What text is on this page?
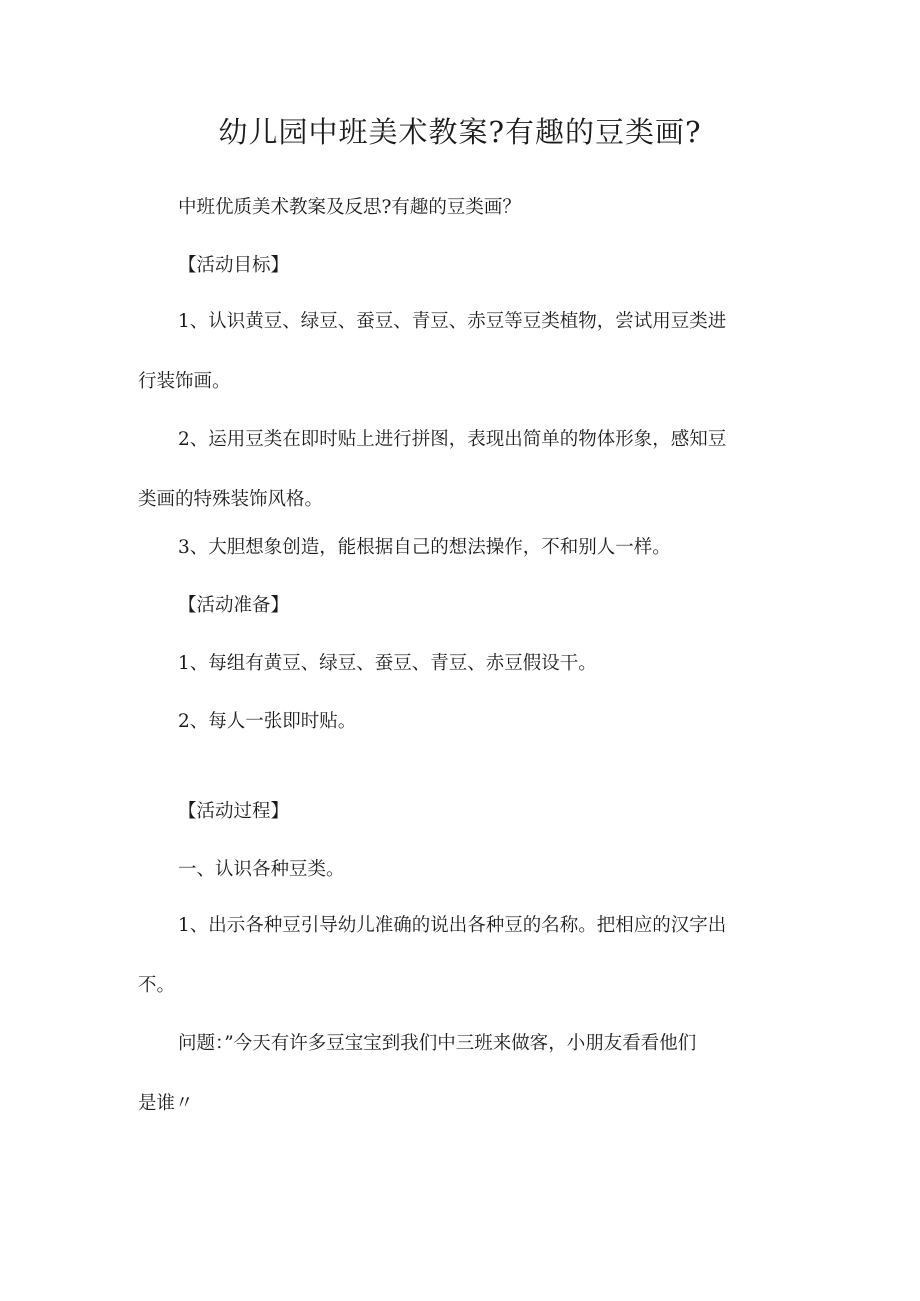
幼儿园中班美术教案?有趣的豆类画?

中班优质美术教案及反思?有趣的豆类画？

【活动目标】

1、认识黄豆、绿豆、蚕豆、青豆、赤豆等豆类植物，尝试用豆类进
行装饰画。
2、运用豆类在即时贴上进行拼图，表现出简单的物体形象，感知豆
类画的特殊装饰风格。

3、大胆想象创造，能根据自己的想法操作，不和别人一样。

【活动准备】

1、每组有黄豆、绿豆、蚕豆、青豆、赤豆假设干。

2、每人一张即时贴。

【活动过程】

一、认识各种豆类。

1、出示各种豆引导幼儿准确的说出各种豆的名称。把相应的汉字出
不。
问题：”今天有许多豆宝宝到我们中三班来做客，小朋友看看他们
是谁〃
